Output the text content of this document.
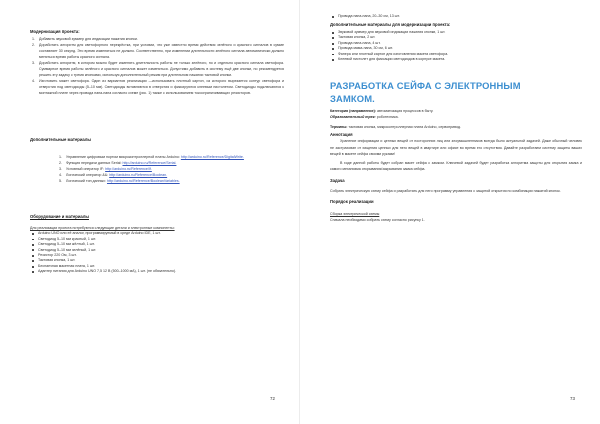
Модернизация проекта:
1. Добавить звуковой зуммер для индикации нажатия кнопки.
2. Доработать алгоритм для светофорного перекрёстка, при условии, что уже известно время действия зелёного и красного сигналов в сумме составляет 30 секунд. Это время изменяться не должно. Соответственно, при изменении длительности зелёного сигнала автоматически должно меняться время работы красного сигнала.
3. Доработать алгоритм, в котором можно будет изменять длительность работы не только зелёного, но и отдельно красного сигнала светофора. Суммарное время работы зелёного и красного сигналов может изменяться. Допустимо добавить в систему ещё две кнопки, но рекомендуется решить эту задачу с тремя кнопками, используя дополнительный режим при длительном нажатии тактовой кнопки.
4. Изготовить макет светофора. Один из вариантов реализации —использовать плотный картон, из которого вырезается контур светофора и отверстия под светодиоды (5–10 мм). Светодиоды вставляются в отверстия и фиксируются клеевым пистолетом. Светодиоды подключаются к монтажной плате через провода папа-папа согласно схеме (рис. 1) также с использованием токоограничивающих резисторов.
Дополнительные материалы
1. Управление цифровым портом микроконтроллерной платы Arduino: http://arduino.ru/Reference/DigitalWrite.
2. Функция передачи данных Serial: http://arduino.ru/Reference/Serial.
3. Условный оператор IF: http://arduino.ru/Reference/If.
4. Логический оператор &&: http://arduino.ru/Reference/Boolean.
5. Логический тип данных: http://arduino.ru/Reference/BooleanVariables.
Оборудование и материалы
Для реализации проекта потребуются следующие детали и электронные компоненты:
Arduino UNO или её аналог, программируемый в среде Arduino IDE, 1 шт.
Светодиод 5–10 мм красный, 1 шт.
Светодиод 5–10 мм жёлтый, 1 шт.
Светодиод 5–10 мм зелёный, 1 шт.
Резистор 220 Ом, 3 шт.
Тактовая кнопка, 1 шт.
Беспаечная макетная плата, 1 шт.
Адаптер питания для Arduino UNO 7,5 12 В (500–1000 мА), 1 шт. (не обязательно).
72
Провода папа-папа, 20–30 см, 13 шт.
Дополнительные материалы для модернизации проекта:
Звуковой зуммер для звуковой индикации нажатия кнопки, 1 шт.
Тактовая кнопка, 2 шт.
Провода папа-папа, 4 шт.
Провода мама-папа, 30 см, 6 шт.
Фанера или плотный картон для изготовления макета светофора.
Клеевой пистолет для фиксации светодиодов в корпусе макета.
РАЗРАБОТКА СЕЙФА С ЭЛЕКТРОННЫМ
ЗАМКОМ.
Категория (направление): автоматизация процессов в быту.
Образовательный трек: роботехника.
Термины: тактовая кнопка, микроконтроллерная плата Arduino, сервопривод.
Аннотация

Хранение информации и ценных вещей от посторонних лиц или злоумышленников всегда было актуальной задачей. Даже обычный человек не застрахован от хищения ценных для него вещей в квартире или офисе во время его отсутствия. Давайте разработаем систему защиты ваших вещей в макете сейфа своими руками!

В ходе данной работы будет собран макет сейфа с замком. Ключевой задачей будет разработка алгоритма защиты для открытия замка и самого механизма открывания/закрывания замка сейфа.

Задача

Собрать электрическую схему сейфа и разработать для него программу управления с защитой открытия по комбинации нажатий кнопок.

Порядок реализации
Сборка электрической схемы
Сначала необходимо собрать схему согласно рисунку 1.
73
